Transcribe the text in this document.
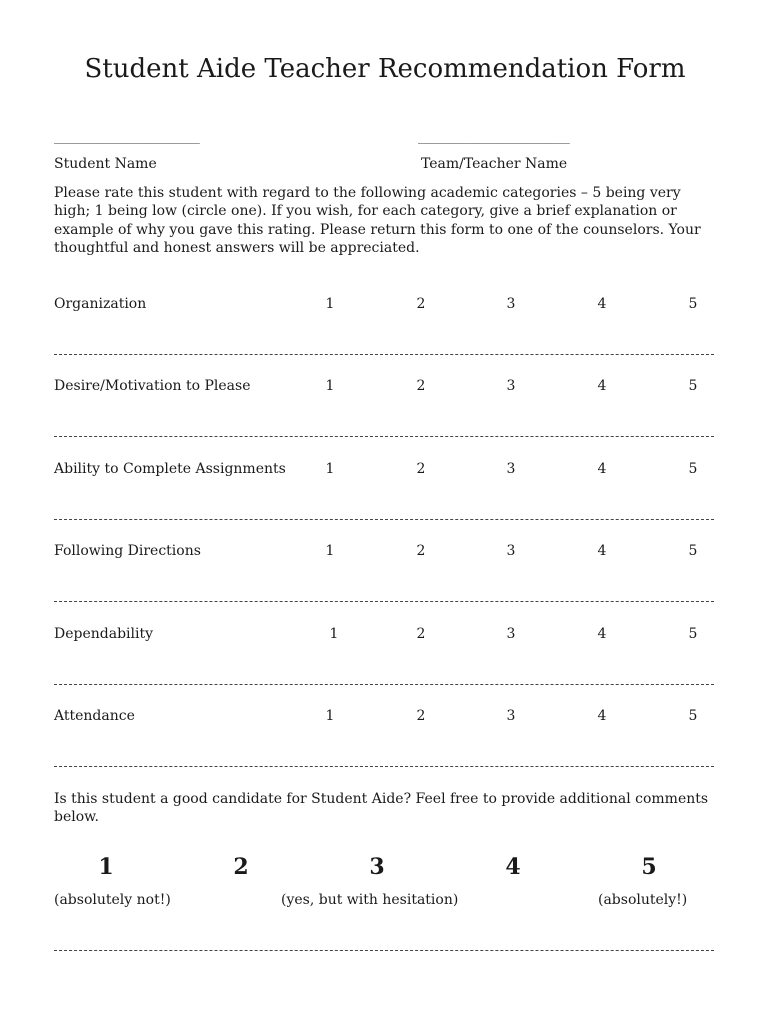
Student Aide Teacher Recommendation Form
________________________	_________________________
Student Name	Team/Teacher Name
Please rate this student with regard to the following academic categories – 5 being very high; 1 being low (circle one). If you wish, for each category, give a brief explanation or example of why you gave this rating. Please return this form to one of the counselors. Your thoughtful and honest answers will be appreciated.
Organization	1	2	3	4	5
Desire/Motivation to Please	1	2	3	4	5
Ability to Complete Assignments	1	2	3	4	5
Following Directions	1	2	3	4	5
Dependability	1	2	3	4	5
Attendance	1	2	3	4	5
Is this student a good candidate for Student Aide? Feel free to provide additional comments below.
1	2	3	4	5
(absolutely not!)	(yes, but with hesitation)	(absolutely!)
